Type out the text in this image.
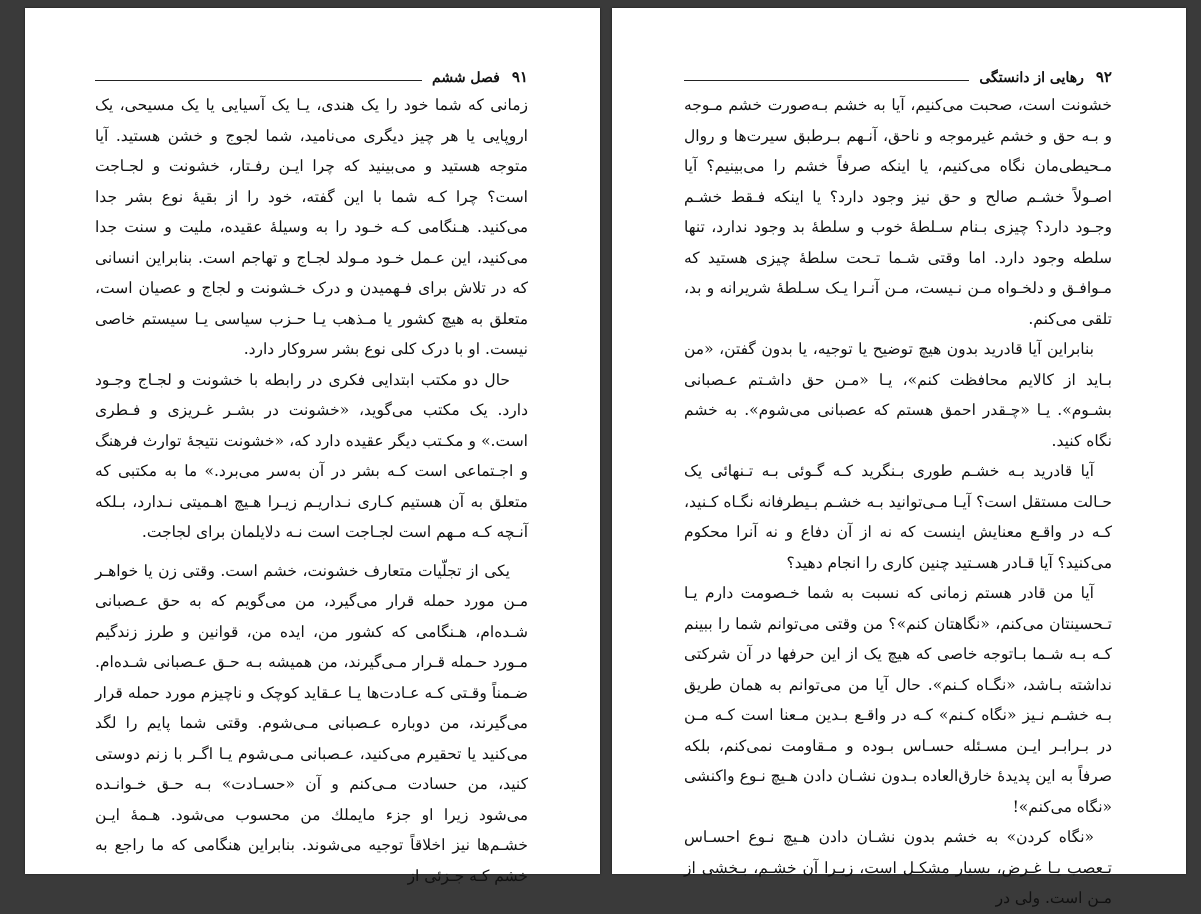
۹۱
فصل ششم

زمانی که شما خود را یک هندی، یـا یک آسیایی یا یک مسیحی، یک اروپایی یا هر چیز دیگری می‌نامید، شما لجوج و خشن هستید. آیا متوجه هستید و می‌بینید که چرا ایـن رفـتار، خشونت و لجـاجت است؟ چرا کـه شما با این گفته، خود را از بقیهٔ نوع بشر جدا می‌کنید. هـنگامی کـه خـود را به وسیلهٔ عقیده، ملیت و سنت جدا می‌کنید، این عـمل خـود مـولد لجـاج و تهاجم است. بنابراین انسانی که در تلاش برای فـهمیدن و درک خـشونت و لجاج و عصیان است، متعلق به هیچ کشور یا مـذهب یـا حـزب سیاسی یـا سیستم خاصی نیست. او با درک کلی نوع بشر سروکار دارد.

حال دو مکتب ابتدایی فکری در رابطه با خشونت و لجـاج وجـود دارد. یک مکتب می‌گوید، «خشونت در بشـر غـریزی و فـطری است.» و مکـتب دیگر عقیده دارد که، «خشونت نتیجهٔ توارث فرهنگ و اجـتماعی است کـه بشر در آن به‌سر می‌برد.» ما به مکتبی که متعلق به آن هستیم کـاری نـداریـم زیـرا هـیچ اهـمیتی نـدارد، بـلکه آنـچه کـه مـهم است لجـاجت است نـه دلایلمان برای لجاجت.

یکی از تجلّیات متعارف خشونت، خشم است. وقتی زن یا خواهـر مـن مورد حمله قرار می‌گیرد، من می‌گویم که به حق عـصبانی شـده‌ام، هـنگامی که کشور من، ایده من، قوانین و طرز زندگیم مـورد حـمله قـرار مـی‌گیرند، من همیشه بـه حـق عـصبانی شـده‌ام. ضـمناً وقـتی کـه عـادت‌ها یـا عـقاید کوچک و ناچیزم مورد حمله قرار می‌گیرند، من دوباره عـصبانی مـی‌شوم. وقتی شما پایم را لگد می‌کنید یا تحقیرم می‌کنید، عـصبانی مـی‌شوم یـا اگـر با زنم دوستی کنید، من حسادت مـی‌کنم و آن «حسـادت» بـه حـق خـوانـده می‌شود زیرا او جزء مایملك من محسوب می‌شود. هـمهٔ ایـن خشـم‌ها نیز اخلاقاً توجیه می‌شوند. بنابراین هنگامی که ما راجع به خشم کـه جـزئی از

۹۲
رهایی از دانستگی

خشونت است، صحبت می‌کنیم، آیا به خشم بـه‌صورت خشم مـوجه و بـه حق و خشم غیرموجه و ناحق، آنـهم بـرطبق سیرت‌ها و روال مـحیطی‌مان نگاه می‌کنیم، یا اینکه صرفاً خشم را می‌بینیم؟ آیا اصـولاً خشـم صالح و حق نیز وجود دارد؟ یا اینکه فـقط خشـم وجـود دارد؟ چیزی بـنام سـلطهٔ خوب و سلطهٔ بد وجود ندارد، تنها سلطه وجود دارد. اما وقتی شـما تـحت سلطهٔ چیزی هستید که مـوافـق و دلخـواه مـن نـیست، مـن آنـرا یـک سـلطهٔ شریرانه و بد، تلقی می‌کنم.

بنابراین آیا قادرید بدون هیچ توضیح یا توجیه، یا بدون گفتن، «من بـاید از کالایم محافظت کنم»، یـا «مـن حق داشـتم عـصبانی بشـوم». یـا «چـقدر احمق هستم که عصبانی می‌شوم». به خشم نگاه کنید.

آیا قادرید بـه خشـم طوری بـنگرید کـه گـوئی بـه تـنهائی یک حـالت مستقل است؟ آیـا مـی‌توانید بـه خشـم بـیطرفانه نگـاه کـنید، کـه در واقـع معنایش اینست که نه از آن دفاع و نه آنرا محکوم می‌کنید؟ آیا قـادر هسـتید چنین کاری را انجام دهید؟

آیا من قادر هستم زمانی که نسبت به شما خـصومت دارم یـا تـحسینتان می‌کنم، «نگاهتان کنم»؟ من وقتی می‌توانم شما را ببینم کـه بـه شـما بـاتوجه خاصی که هیچ یک از این حرفها در آن شرکتی نداشته بـاشد، «نگـاه کـنم». حال آیا من می‌توانم به همان طریق بـه خشـم نـیز «نگاه کـنم» کـه در واقـع بـدین مـعنا است کـه مـن در بـرابـر ایـن مسـئله حسـاس بـوده و مـقاومت نمی‌کنم، بلکه صرفاً به این پدیدهٔ خارق‌العاده بـدون نشـان دادن هـیچ نـوع واکنشی «نگاه می‌کنم»!

«نگاه کردن» به خشم بدون نشـان دادن هـیچ نـوع احسـاس تـعصب یـا غـرض، بسیار مشکـل است، زیـرا آن خشـم، بـخشی از مـن است. ولی در
